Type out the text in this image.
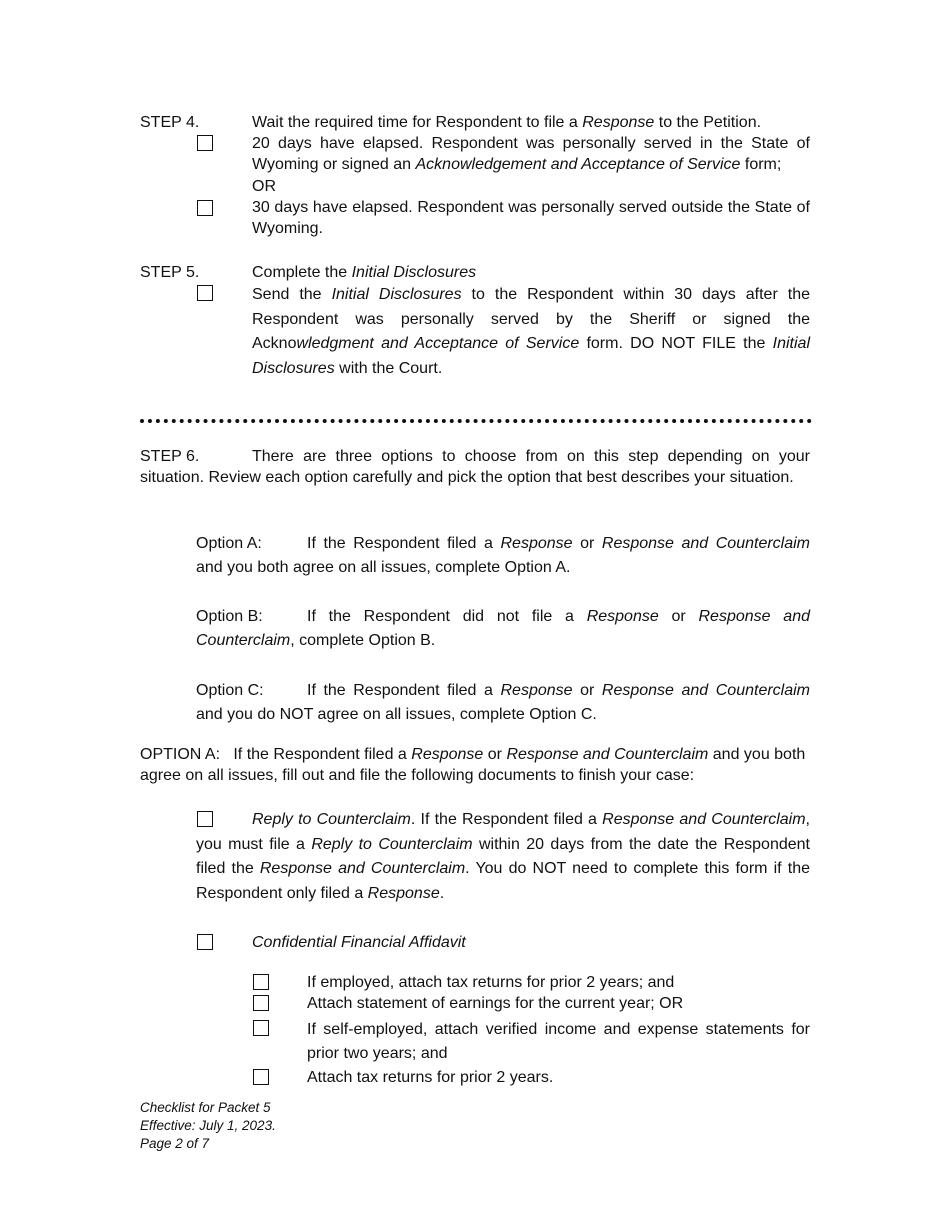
STEP 4.	Wait the required time for Respondent to file a Response to the Petition.
20 days have elapsed. Respondent was personally served in the State of Wyoming or signed an Acknowledgement and Acceptance of Service form;
OR
30 days have elapsed. Respondent was personally served outside the State of Wyoming.
STEP 5.	Complete the Initial Disclosures
Send the Initial Disclosures to the Respondent within 30 days after the Respondent was personally served by the Sheriff or signed the Acknowledgment and Acceptance of Service form. DO NOT FILE the Initial Disclosures with the Court.
STEP 6.	There are three options to choose from on this step depending on your situation. Review each option carefully and pick the option that best describes your situation.
Option A:	If the Respondent filed a Response or Response and Counterclaim and you both agree on all issues, complete Option A.
Option B:	If the Respondent did not file a Response or Response and Counterclaim, complete Option B.
Option C:	If the Respondent filed a Response or Response and Counterclaim and you do NOT agree on all issues, complete Option C.
OPTION A: If the Respondent filed a Response or Response and Counterclaim and you both agree on all issues, fill out and file the following documents to finish your case:
Reply to Counterclaim. If the Respondent filed a Response and Counterclaim, you must file a Reply to Counterclaim within 20 days from the date the Respondent filed the Response and Counterclaim. You do NOT need to complete this form if the Respondent only filed a Response.
Confidential Financial Affidavit
If employed, attach tax returns for prior 2 years; and
Attach statement of earnings for the current year; OR
If self-employed, attach verified income and expense statements for prior two years; and
Attach tax returns for prior 2 years.
Checklist for Packet 5
Effective: July 1, 2023.
Page 2 of 7
